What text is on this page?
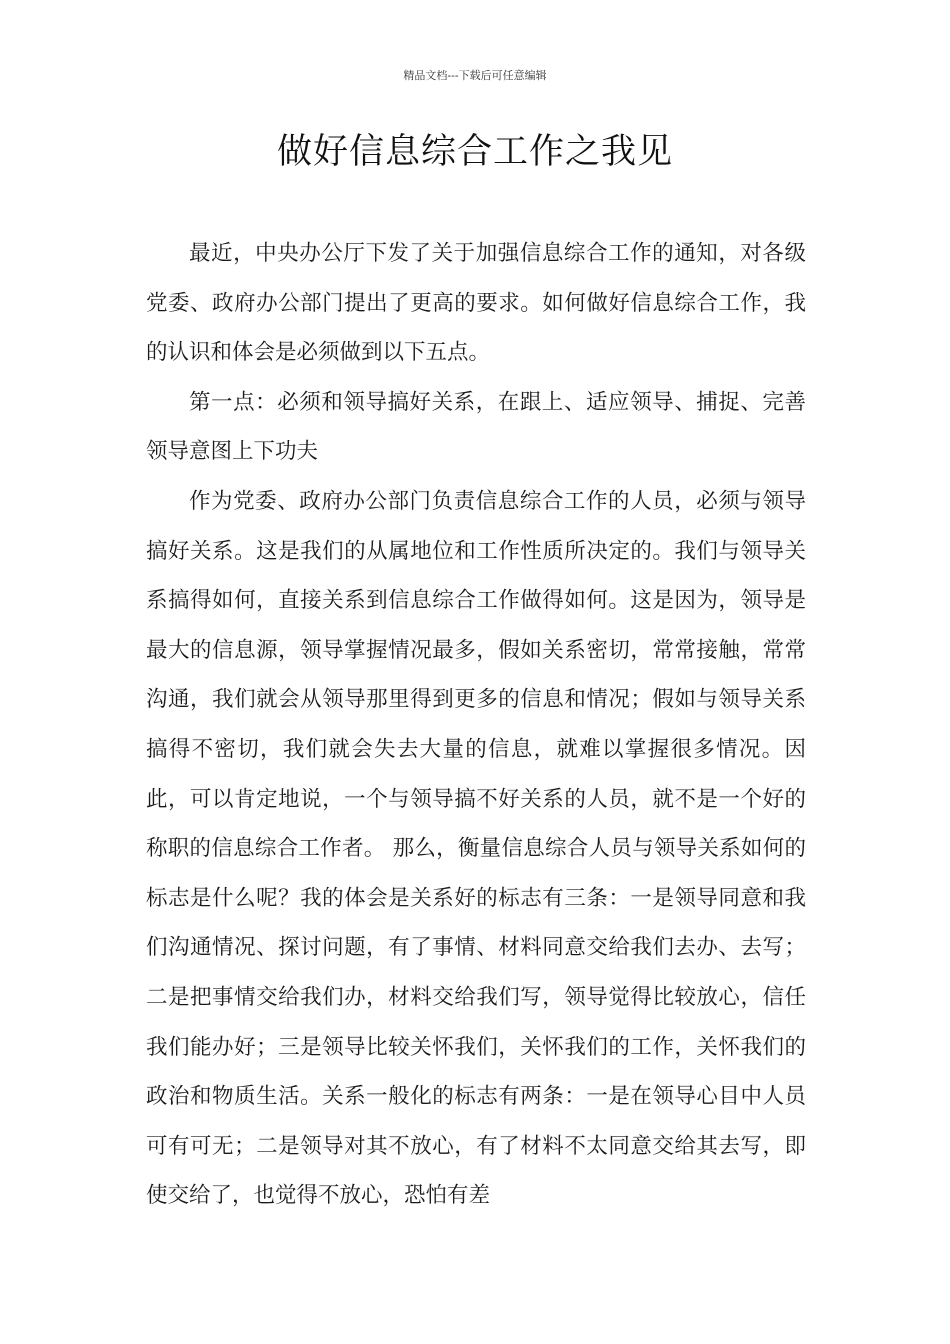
精品文档---下载后可任意编辑
做好信息综合工作之我见

最近，中央办公厅下发了关于加强信息综合工作的通知，对各级党委、政府办公部门提出了更高的要求。如何做好信息综合工作，我的认识和体会是必须做到以下五点。

第一点：必须和领导搞好关系，在跟上、适应领导、捕捉、完善领导意图上下功夫

作为党委、政府办公部门负责信息综合工作的人员，必须与领导搞好关系。这是我们的从属地位和工作性质所决定的。我们与领导关系搞得如何，直接关系到信息综合工作做得如何。这是因为，领导是最大的信息源，领导掌握情况最多，假如关系密切，常常接触，常常沟通，我们就会从领导那里得到更多的信息和情况；假如与领导关系搞得不密切，我们就会失去大量的信息，就难以掌握很多情况。因此，可以肯定地说，一个与领导搞不好关系的人员，就不是一个好的称职的信息综合工作者。 那么，衡量信息综合人员与领导关系如何的标志是什么呢？我的体会是关系好的标志有三条：一是领导同意和我们沟通情况、探讨问题，有了事情、材料同意交给我们去办、去写；二是把事情交给我们办，材料交给我们写，领导觉得比较放心，信任我们能办好；三是领导比较关怀我们，关怀我们的工作，关怀我们的政治和物质生活。关系一般化的标志有两条：一是在领导心目中人员可有可无；二是领导对其不放心，有了材料不太同意交给其去写，即使交给了，也觉得不放心，恐怕有差
